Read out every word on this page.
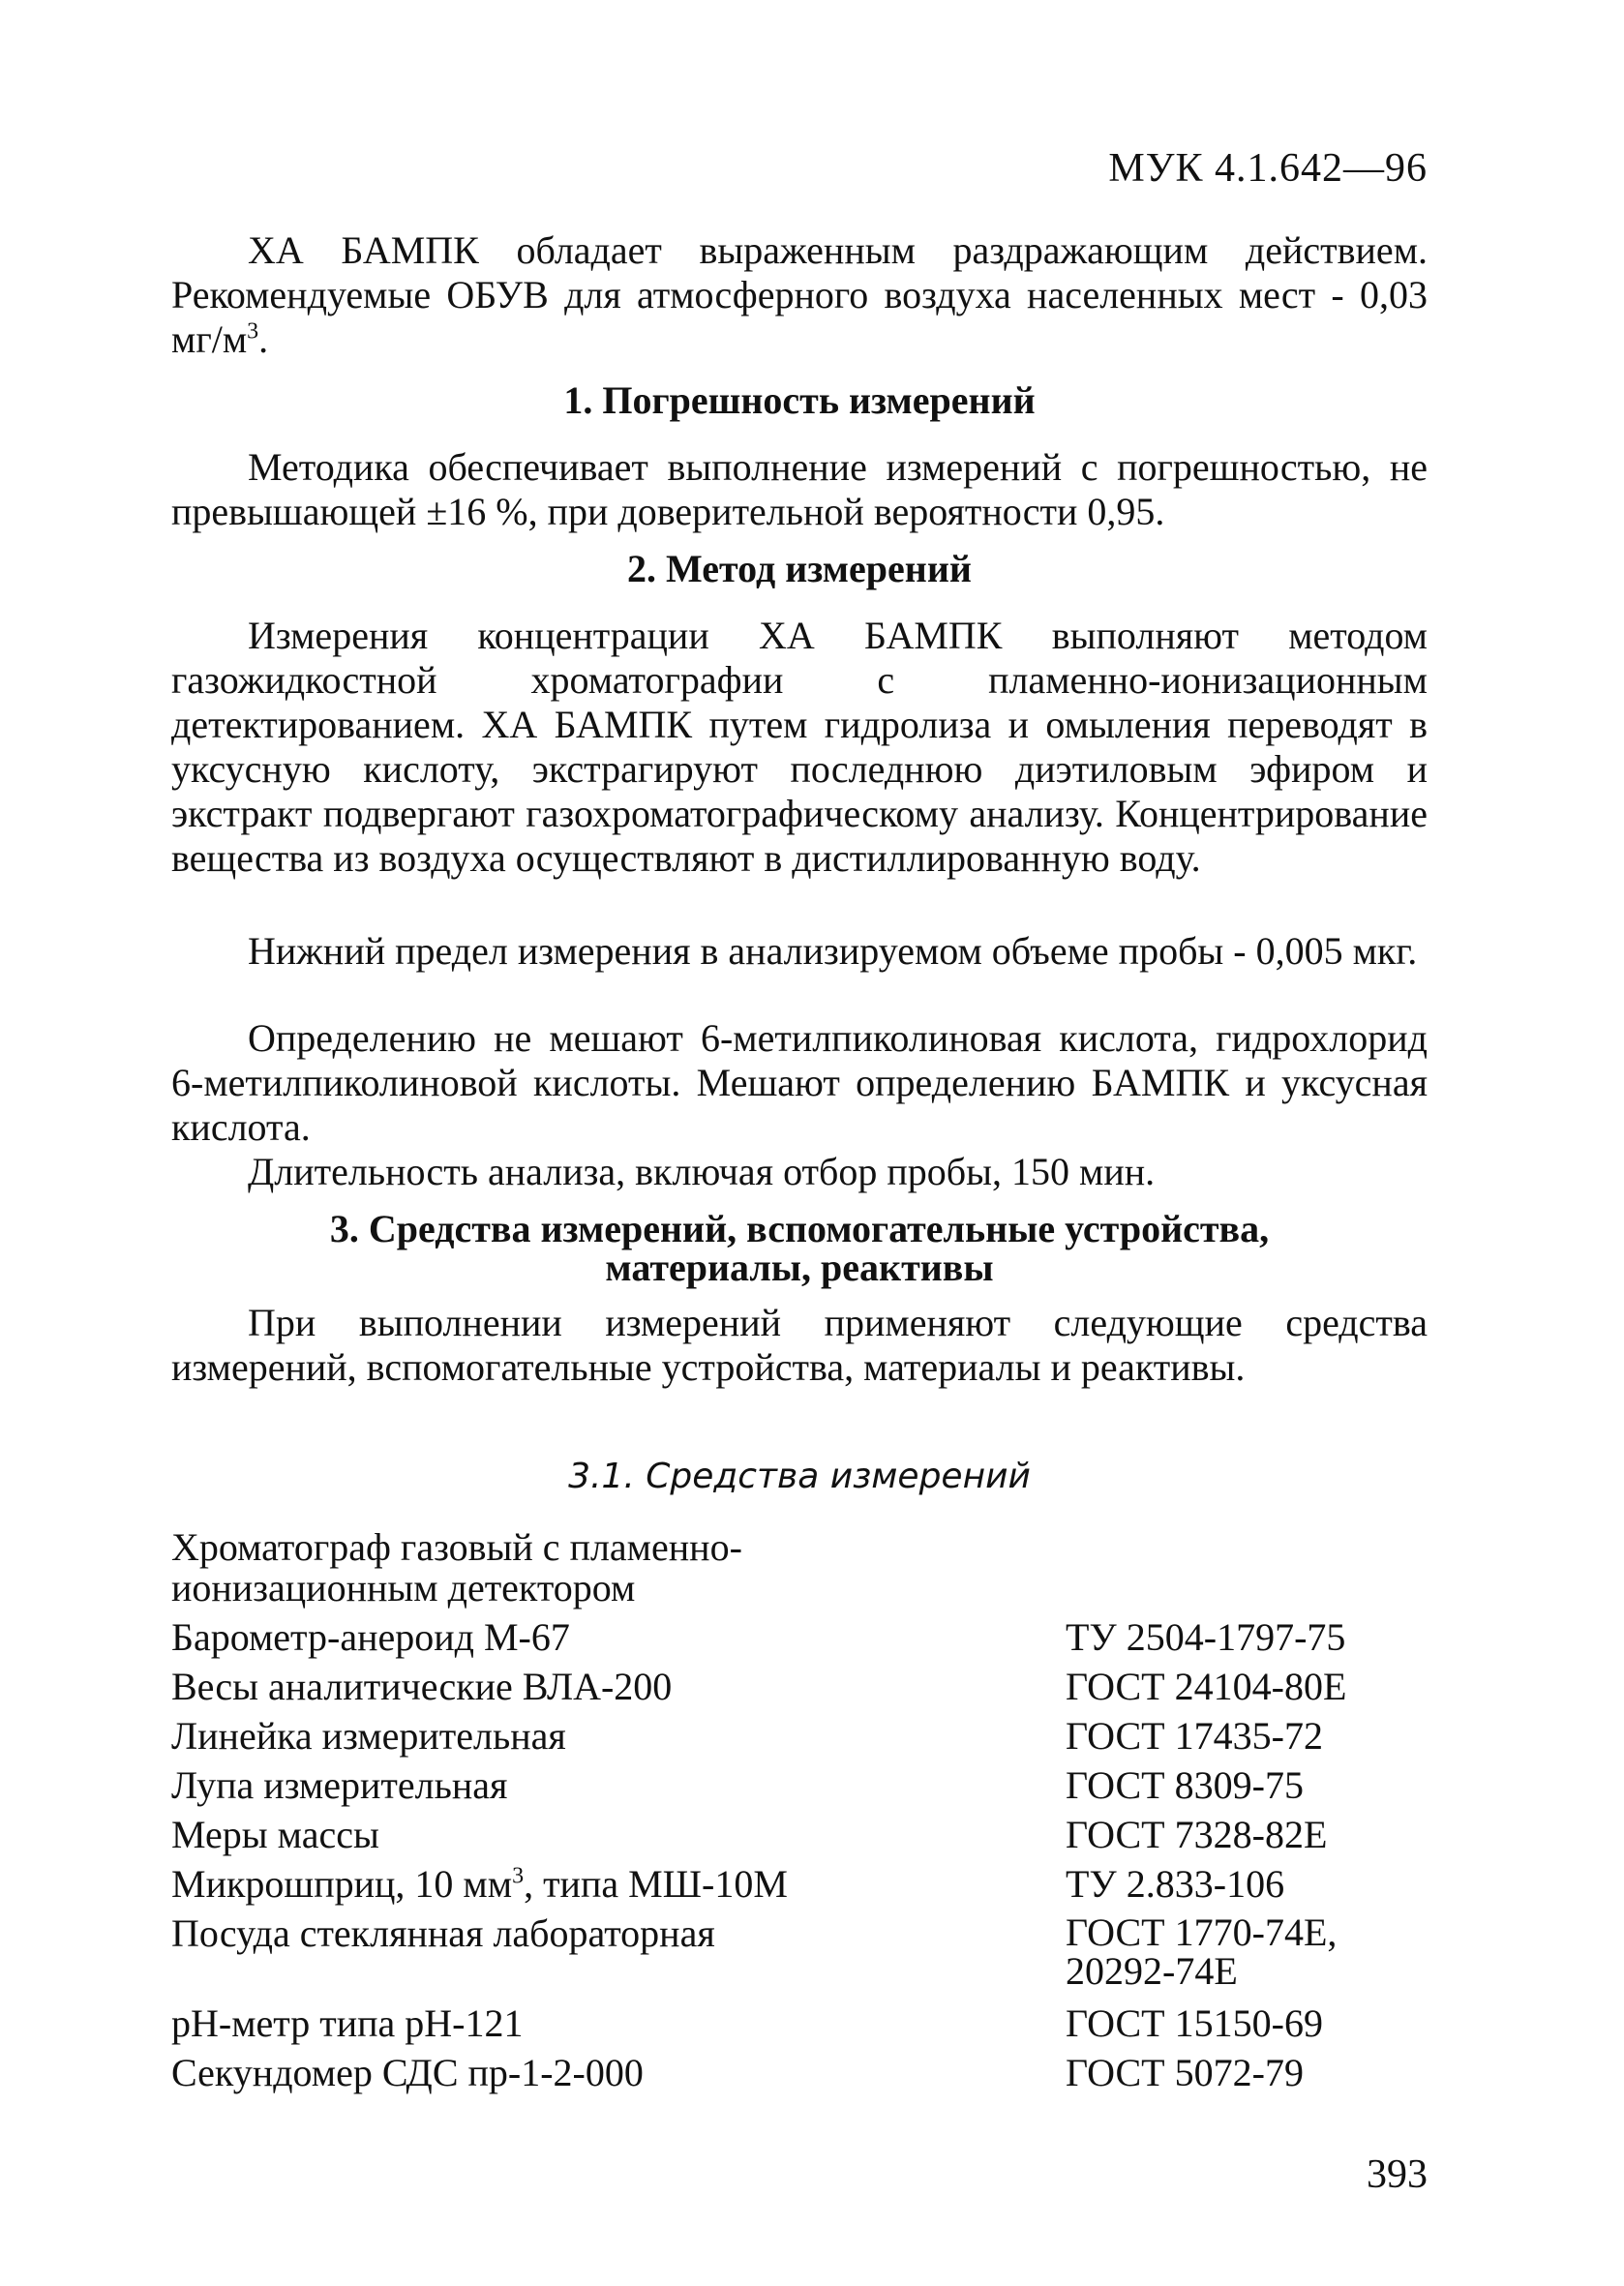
МУК 4.1.642—96

ХА БАМПК обладает выраженным раздражающим действием. Рекомендуемые ОБУВ для атмосферного воздуха населенных мест - 0,03 $мг/м^3$.

1. Погрешность измерений

Методика обеспечивает выполнение измерений с погрешностью, не превышающей ±16 %, при доверительной вероятности 0,95.

2. Метод измерений

Измерения концентрации ХА БАМПК выполняют методом газожидкостной хроматографии с пламенно-ионизационным детектированием. ХА БАМПК путем гидролиза и омыления переводят в уксусную кислоту, экстрагируют последнюю диэтиловым эфиром и экстракт подвергают газохроматографическому анализу. Концентрирование вещества из воздуха осуществляют в дистиллированную воду.

Нижний предел измерения в анализируемом объеме пробы - 0,005 мкг.

Определению не мешают 6-метилпиколиновая кислота, гидрохлорид 6-метилпиколиновой кислоты. Мешают определению БАМПК и уксусная кислота.

Длительность анализа, включая отбор пробы, 150 мин.

3. Средства измерений, вспомогательные устройства,
материалы, реактивы

При выполнении измерений применяют следующие средства измерений, вспомогательные устройства, материалы и реактивы.

3.1. Средства измерений
Хроматограф газовый с пламенно-ионизационным детектором
Барометр-анероид М-67	ТУ 2504-1797-75
Весы аналитические ВЛА-200	ГОСТ 24104-80Е
Линейка измерительная	ГОСТ 17435-72
Лупа измерительная	ГОСТ 8309-75
Меры массы	ГОСТ 7328-82Е
Микрошприц, 10 $мм^3$, типа МШ-10М	ТУ 2.833-106
Посуда стеклянная лабораторная	ГОСТ 1770-74Е, 20292-74Е
рН-метр типа рН-121	ГОСТ 15150-69
Секундомер СДС пр-1-2-000	ГОСТ 5072-79
393
